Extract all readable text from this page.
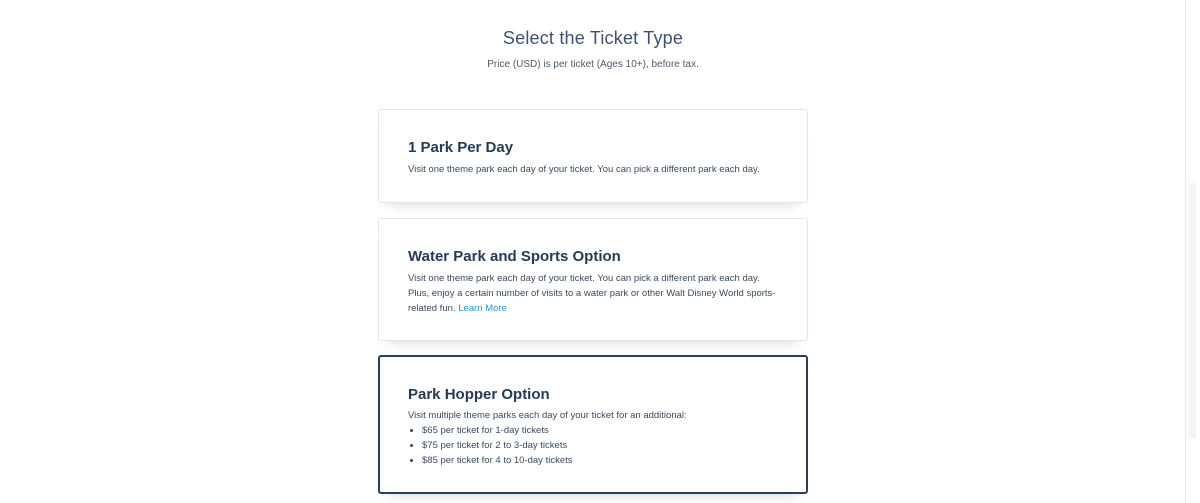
Select the Ticket Type
Price (USD) is per ticket (Ages 10+), before tax.
1 Park Per Day
Visit one theme park each day of your ticket. You can pick a different park each day.
Water Park and Sports Option
Visit one theme park each day of your ticket. You can pick a different park each day. Plus, enjoy a certain number of visits to a water park or other Walt Disney World sports-related fun. Learn More
Park Hopper Option
Visit multiple theme parks each day of your ticket for an additional:
• $65 per ticket for 1-day tickets
• $75 per ticket for 2 to 3-day tickets
• $85 per ticket for 4 to 10-day tickets
